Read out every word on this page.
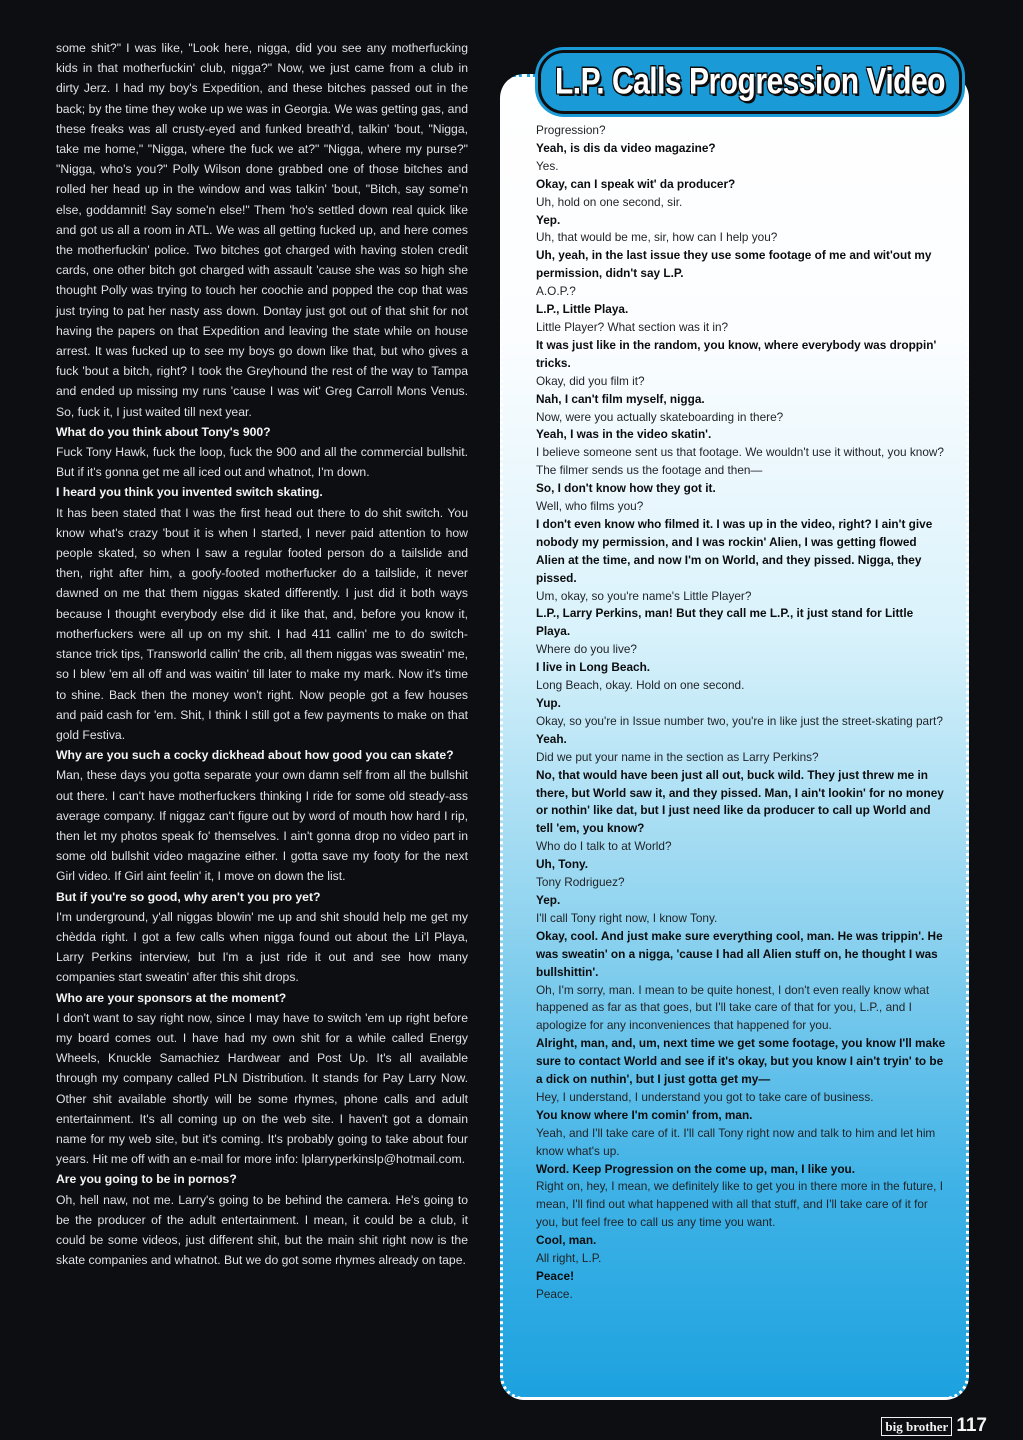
some shit?" I was like, "Look here, nigga, did you see any motherfucking kids in that motherfuckin' club, nigga?" Now, we just came from a club in dirty Jerz. I had my boy's Expedition, and these bitches passed out in the back; by the time they woke up we was in Georgia. We was getting gas, and these freaks was all crusty-eyed and funked breath'd, talkin' 'bout, "Nigga, take me home," "Nigga, where the fuck we at?" "Nigga, where my purse?" "Nigga, who's you?" Polly Wilson done grabbed one of those bitches and rolled her head up in the window and was talkin' 'bout, "Bitch, say some'n else, goddamnit! Say some'n else!" Them 'ho's settled down real quick like and got us all a room in ATL. We was all getting fucked up, and here comes the motherfuckin' police. Two bitches got charged with having stolen credit cards, one other bitch got charged with assault 'cause she was so high she thought Polly was trying to touch her coochie and popped the cop that was just trying to pat her nasty ass down. Dontay just got out of that shit for not having the papers on that Expedition and leaving the state while on house arrest. It was fucked up to see my boys go down like that, but who gives a fuck 'bout a bitch, right? I took the Greyhound the rest of the way to Tampa and ended up missing my runs 'cause I was wit' Greg Carroll Mons Venus. So, fuck it, I just waited till next year.

What do you think about Tony's 900?

Fuck Tony Hawk, fuck the loop, fuck the 900 and all the commercial bullshit. But if it's gonna get me all iced out and whatnot, I'm down.

I heard you think you invented switch skating.

It has been stated that I was the first head out there to do shit switch. You know what's crazy 'bout it is when I started, I never paid attention to how people skated, so when I saw a regular footed person do a tailslide and then, right after him, a goofy-footed motherfucker do a tailslide, it never dawned on me that them niggas skated differently. I just did it both ways because I thought everybody else did it like that, and, before you know it, motherfuckers were all up on my shit. I had 411 callin' me to do switch-stance trick tips, Transworld callin' the crib, all them niggas was sweatin' me, so I blew 'em all off and was waitin' till later to make my mark. Now it's time to shine. Back then the money won't right. Now people got a few houses and paid cash for 'em. Shit, I think I still got a few payments to make on that gold Festiva.

Why are you such a cocky dickhead about how good you can skate?

Man, these days you gotta separate your own damn self from all the bullshit out there. I can't have motherfuckers thinking I ride for some old steady-ass average company. If niggaz can't figure out by word of mouth how hard I rip, then let my photos speak fo' themselves. I ain't gonna drop no video part in some old bullshit video magazine either. I gotta save my footy for the next Girl video. If Girl aint feelin' it, I move on down the list.

But if you're so good, why aren't you pro yet?

I'm underground, y'all niggas blowin' me up and shit should help me get my chèdda right. I got a few calls when nigga found out about the Li'l Playa, Larry Perkins interview, but I'm a just ride it out and see how many companies start sweatin' after this shit drops.

Who are your sponsors at the moment?

I don't want to say right now, since I may have to switch 'em up right before my board comes out. I have had my own shit for a while called Energy Wheels, Knuckle Samachiez Hardwear and Post Up. It's all available through my company called PLN Distribution. It stands for Pay Larry Now. Other shit available shortly will be some rhymes, phone calls and adult entertainment. It's all coming up on the web site. I haven't got a domain name for my web site, but it's coming. It's probably going to take about four years. Hit me off with an e-mail for more info: lplarryperkinslp@hotmail.com.

Are you going to be in pornos?

Oh, hell naw, not me. Larry's going to be behind the camera. He's going to be the producer of the adult entertainment. I mean, it could be a club, it could be some videos, just different shit, but the main shit right now is the skate companies and whatnot. But we do got some rhymes already on tape.

L.P. Calls Progression Video

Progression?

Yeah, is dis da video magazine?

Yes.

Okay, can I speak wit' da producer?

Uh, hold on one second, sir.

Yep.

Uh, that would be me, sir, how can I help you?

Uh, yeah, in the last issue they use some footage of me and wit'out my permission, didn't say L.P.

A.O.P.?

L.P., Little Playa.

Little Player? What section was it in?

It was just like in the random, you know, where everybody was droppin' tricks.

Okay, did you film it?

Nah, I can't film myself, nigga.

Now, were you actually skateboarding in there?

Yeah, I was in the video skatin'.

I believe someone sent us that footage. We wouldn't use it without, you know? The filmer sends us the footage and then—

So, I don't know how they got it.

Well, who films you?

I don't even know who filmed it. I was up in the video, right? I ain't give nobody my permission, and I was rockin' Alien, I was getting flowed Alien at the time, and now I'm on World, and they pissed. Nigga, they pissed.

Um, okay, so you're name's Little Player?

L.P., Larry Perkins, man! But they call me L.P., it just stand for Little Playa.

Where do you live?

I live in Long Beach.

Long Beach, okay. Hold on one second.

Yup.

Okay, so you're in Issue number two, you're in like just the street-skating part?

Yeah.

Did we put your name in the section as Larry Perkins?

No, that would have been just all out, buck wild. They just threw me in there, but World saw it, and they pissed. Man, I ain't lookin' for no money or nothin' like dat, but I just need like da producer to call up World and tell 'em, you know?

Who do I talk to at World?

Uh, Tony.

Tony Rodriguez?

Yep.

I'll call Tony right now, I know Tony.

Okay, cool. And just make sure everything cool, man. He was trippin'. He was sweatin' on a nigga, 'cause I had all Alien stuff on, he thought I was bullshittin'.

Oh, I'm sorry, man. I mean to be quite honest, I don't even really know what happened as far as that goes, but I'll take care of that for you, L.P., and I apologize for any inconveniences that happened for you.

Alright, man, and, um, next time we get some footage, you know I'll make sure to contact World and see if it's okay, but you know I ain't tryin' to be a dick on nuthin', but I just gotta get my—

Hey, I understand, I understand you got to take care of business.

You know where I'm comin' from, man.

Yeah, and I'll take care of it. I'll call Tony right now and talk to him and let him know what's up.

Word. Keep Progression on the come up, man, I like you.

Right on, hey, I mean, we definitely like to get you in there more in the future, I mean, I'll find out what happened with all that stuff, and I'll take care of it for you, but feel free to call us any time you want.

Cool, man.

All right, L.P.

Peace!

Peace.

big brother 117
